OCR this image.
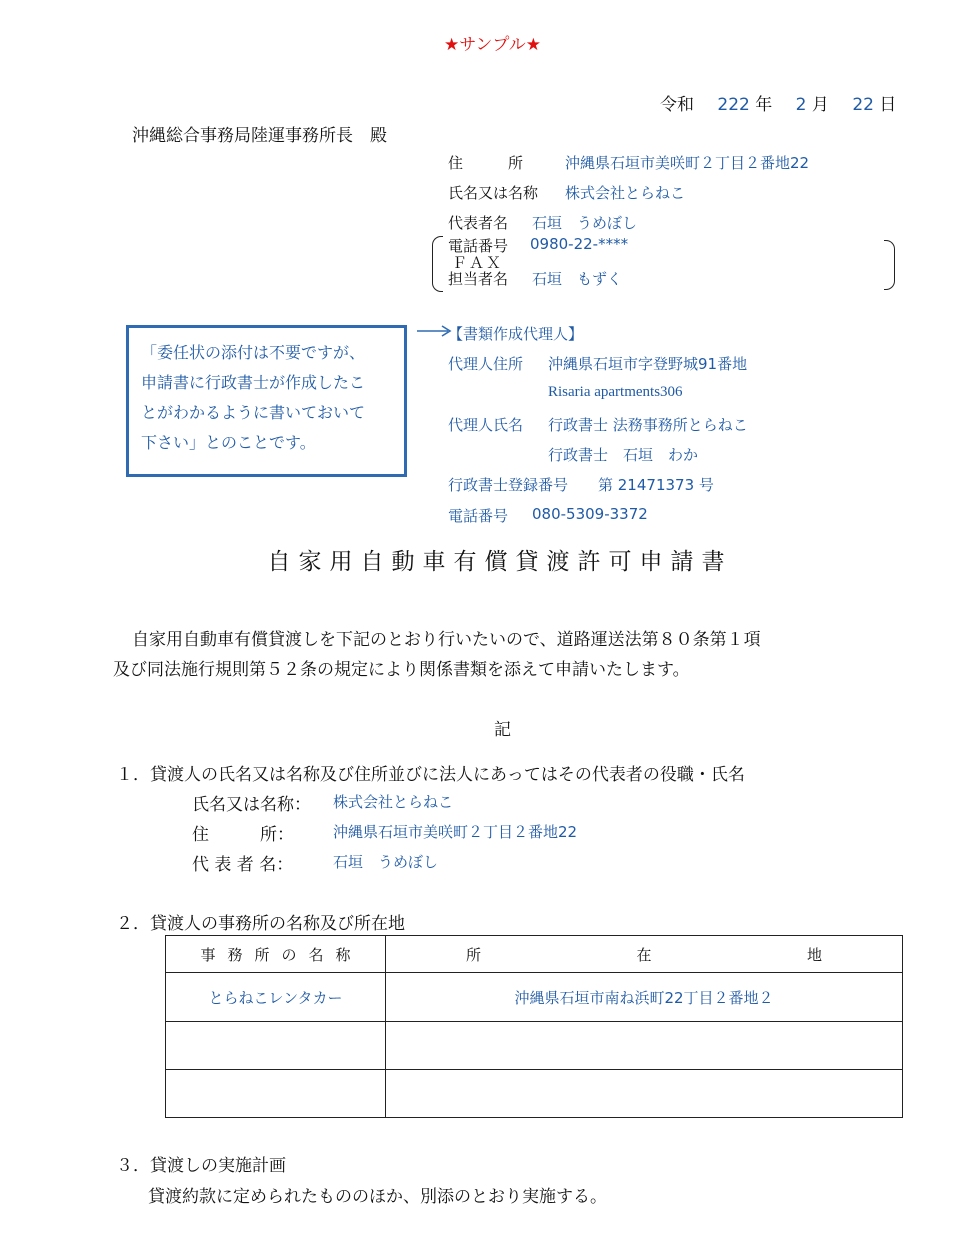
★サンプル★
令和 222 年 2 月 22 日
沖縄総合事務局陸運事務所長　殿
住　　　所	沖縄県石垣市美咲町２丁目２番地22
氏名又は名称 株式会社とらねこ
代表者名 石垣　うめぼし
電話番号 0980-22-****
ＦＡＸ
担当者名 石垣　もずく
「委任状の添付は不要ですが、
申請書に行政書士が作成したこ
とがわかるように書いておいて
下さい」とのことです。
【書類作成代理人】
代理人住所 沖縄県石垣市字登野城91番地
Risaria apartments306
代理人氏名 行政書士 法務事務所とらねこ
行政書士　石垣　わか
行政書士登録番号 第 21471373 号
電話番号 080-5309-3372
自家用自動車有償貸渡許可申請書
自家用自動車有償貸渡しを下記のとおり行いたいので、道路運送法第８０条第１項
及び同法施行規則第５２条の規定により関係書類を添えて申請いたします。
記
１．貸渡人の氏名又は名称及び住所並びに法人にあってはその代表者の役職・氏名
氏名又は名称： 株式会社とらねこ
住　　　所：	沖縄県石垣市美咲町２丁目２番地22
代 表 者 名：	石垣　うめぼし
２．貸渡人の事務所の名称及び所在地
事務所の名称	所 在 地

とらねこレンタカー	沖縄県石垣市南ね浜町22丁目２番地２

３．貸渡しの実施計画
貸渡約款に定められたもののほか、別添のとおり実施する。
